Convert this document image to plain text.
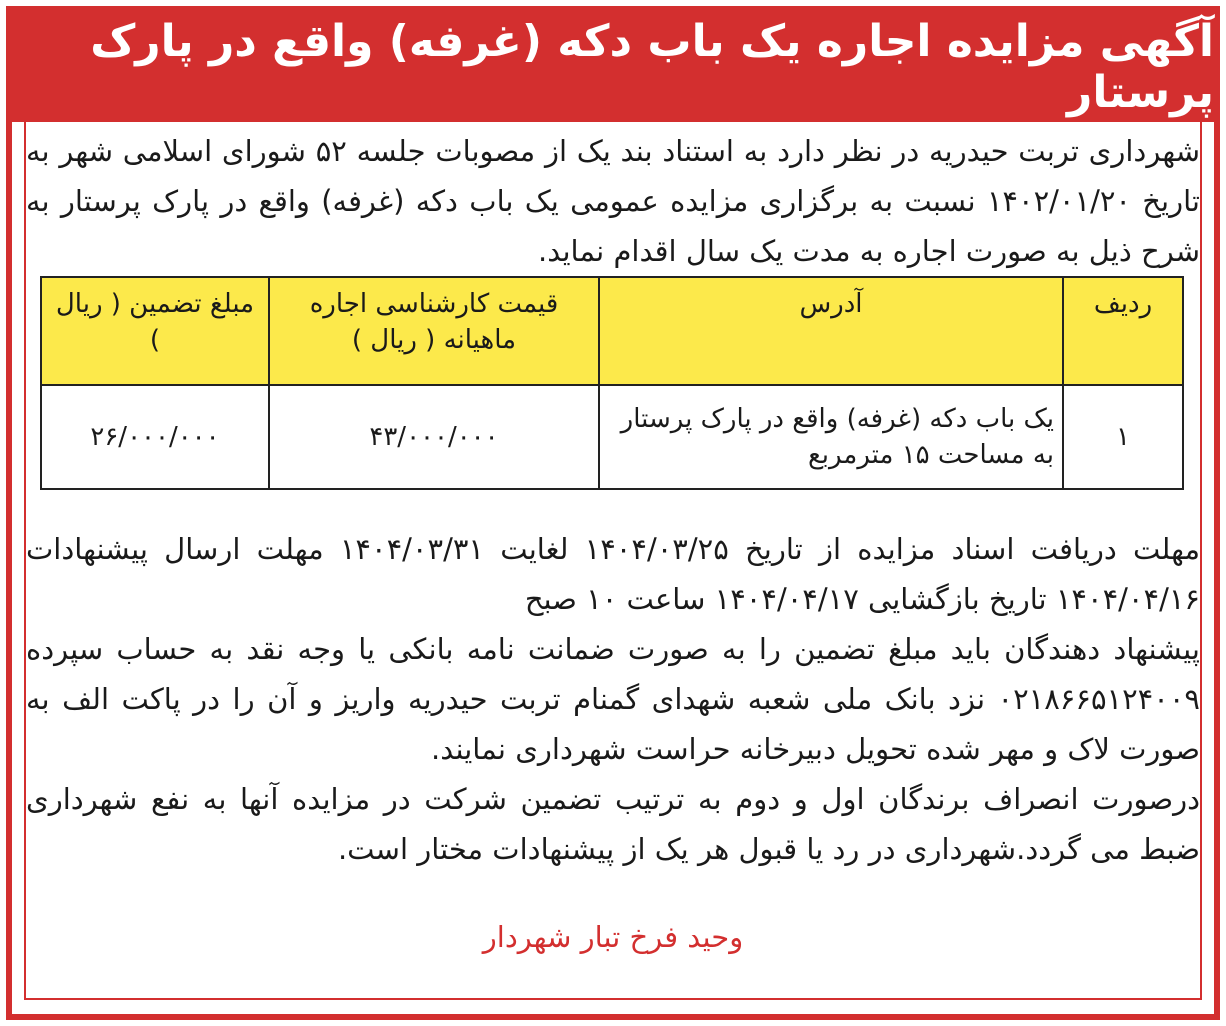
آگهی مزایده اجاره یک باب دکه (غرفه) واقع در پارک پرستار
شهرداری تربت حیدریه در نظر دارد به استناد بند یک از مصوبات جلسه ۵۲ شورای اسلامی شهر به تاریخ ۱۴۰۲/۰۱/۲۰ نسبت به برگزاری مزایده عمومی یک باب دکه (غرفه) واقع در پارک پرستار به شرح ذیل به صورت اجاره به مدت یک سال اقدام نماید.
ردیف	آدرس	قیمت کارشناسی اجاره ماهیانه ( ریال )	مبلغ تضمین ( ریال )
۱	یک باب دکه (غرفه) واقع در پارک پرستار به مساحت ۱۵ مترمربع	۴۳/۰۰۰/۰۰۰	۲۶/۰۰۰/۰۰۰

مهلت دریافت اسناد مزایده از تاریخ ۱۴۰۴/۰۳/۲۵ لغایت ۱۴۰۴/۰۳/۳۱ مهلت ارسال پیشنهادات ۱۴۰۴/۰۴/۱۶ تاریخ بازگشایی ۱۴۰۴/۰۴/۱۷ ساعت ۱۰ صبح

پیشنهاد دهندگان باید مبلغ تضمین را به صورت ضمانت نامه بانکی یا وجه نقد به حساب سپرده ۰۲۱۸۶۶۵۱۲۴۰۰۹ نزد بانک ملی شعبه شهدای گمنام تربت حیدریه واریز و آن را در پاکت الف به صورت لاک و مهر شده تحویل دبیرخانه حراست شهرداری نمایند.

درصورت انصراف برندگان اول و دوم به ترتیب تضمین شرکت در مزایده آنها به نفع شهرداری ضبط می گردد.شهرداری در رد یا قبول هر یک از پیشنهادات مختار است.

وحید فرخ تبار شهردار
